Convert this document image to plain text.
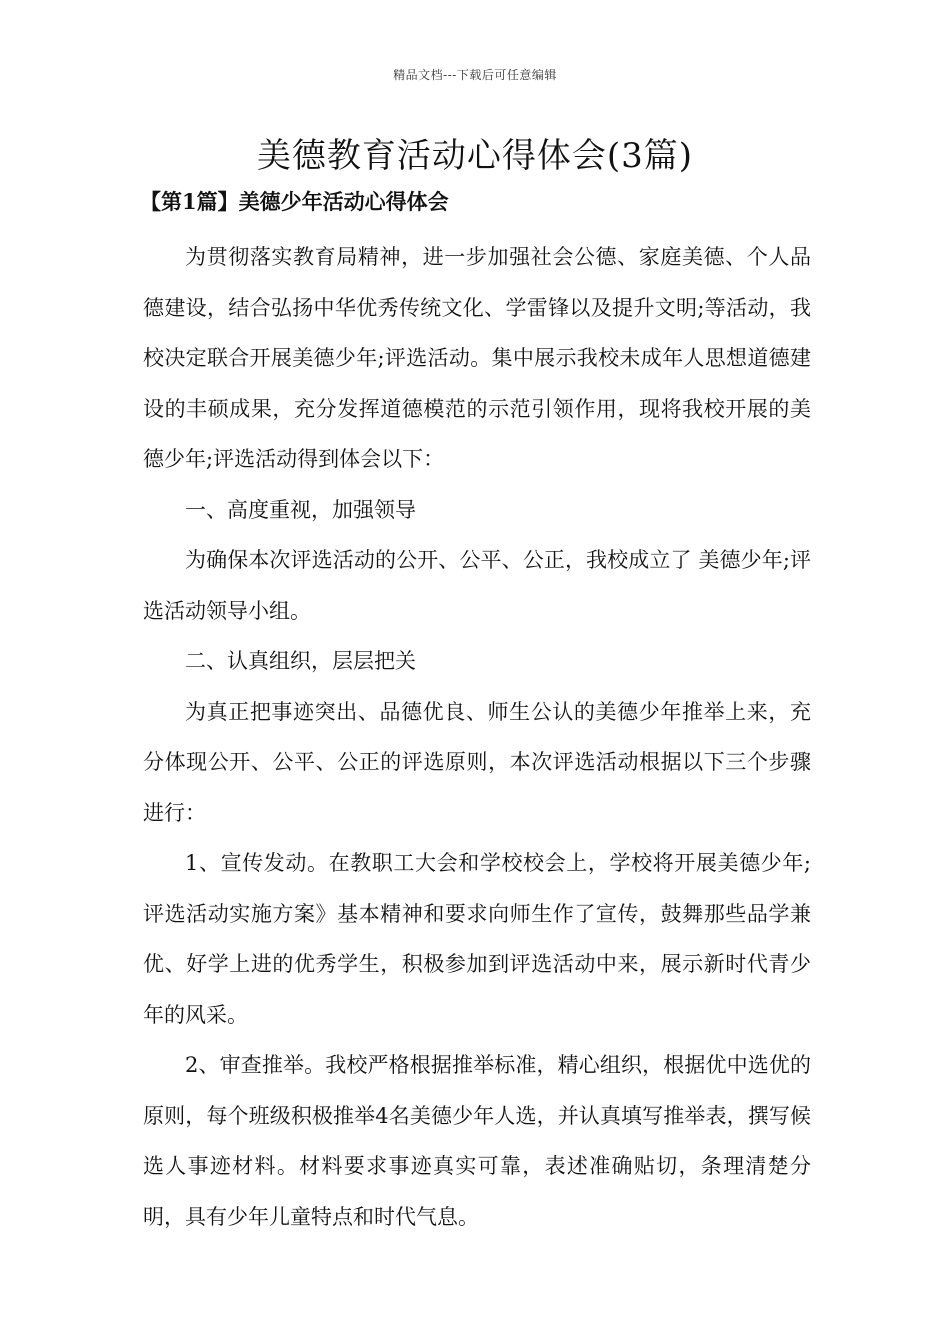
精品文档---下载后可任意编辑
美德教育活动心得体会(3篇)
【第1篇】美德少年活动心得体会

为贯彻落实教育局精神，进一步加强社会公德、家庭美德、个人品德建设，结合弘扬中华优秀传统文化、学雷锋以及提升文明;等活动，我校决定联合开展美德少年;评选活动。集中展示我校未成年人思想道德建设的丰硕成果，充分发挥道德模范的示范引领作用，现将我校开展的美德少年;评选活动得到体会以下：

一、高度重视，加强领导

为确保本次评选活动的公开、公平、公正，我校成立了 美德少年;评选活动领导小组。

二、认真组织，层层把关

为真正把事迹突出、品德优良、师生公认的美德少年推举上来，充分体现公开、公平、公正的评选原则，本次评选活动根据以下三个步骤进行：

1、宣传发动。在教职工大会和学校校会上，学校将开展美德少年;评选活动实施方案》基本精神和要求向师生作了宣传，鼓舞那些品学兼优、好学上进的优秀学生，积极参加到评选活动中来，展示新时代青少年的风采。

2、审查推举。我校严格根据推举标准，精心组织，根据优中选优的原则，每个班级积极推举4名美德少年人选，并认真填写推举表，撰写候选人事迹材料。材料要求事迹真实可靠，表述准确贴切，条理清楚分明，具有少年儿童特点和时代气息。
